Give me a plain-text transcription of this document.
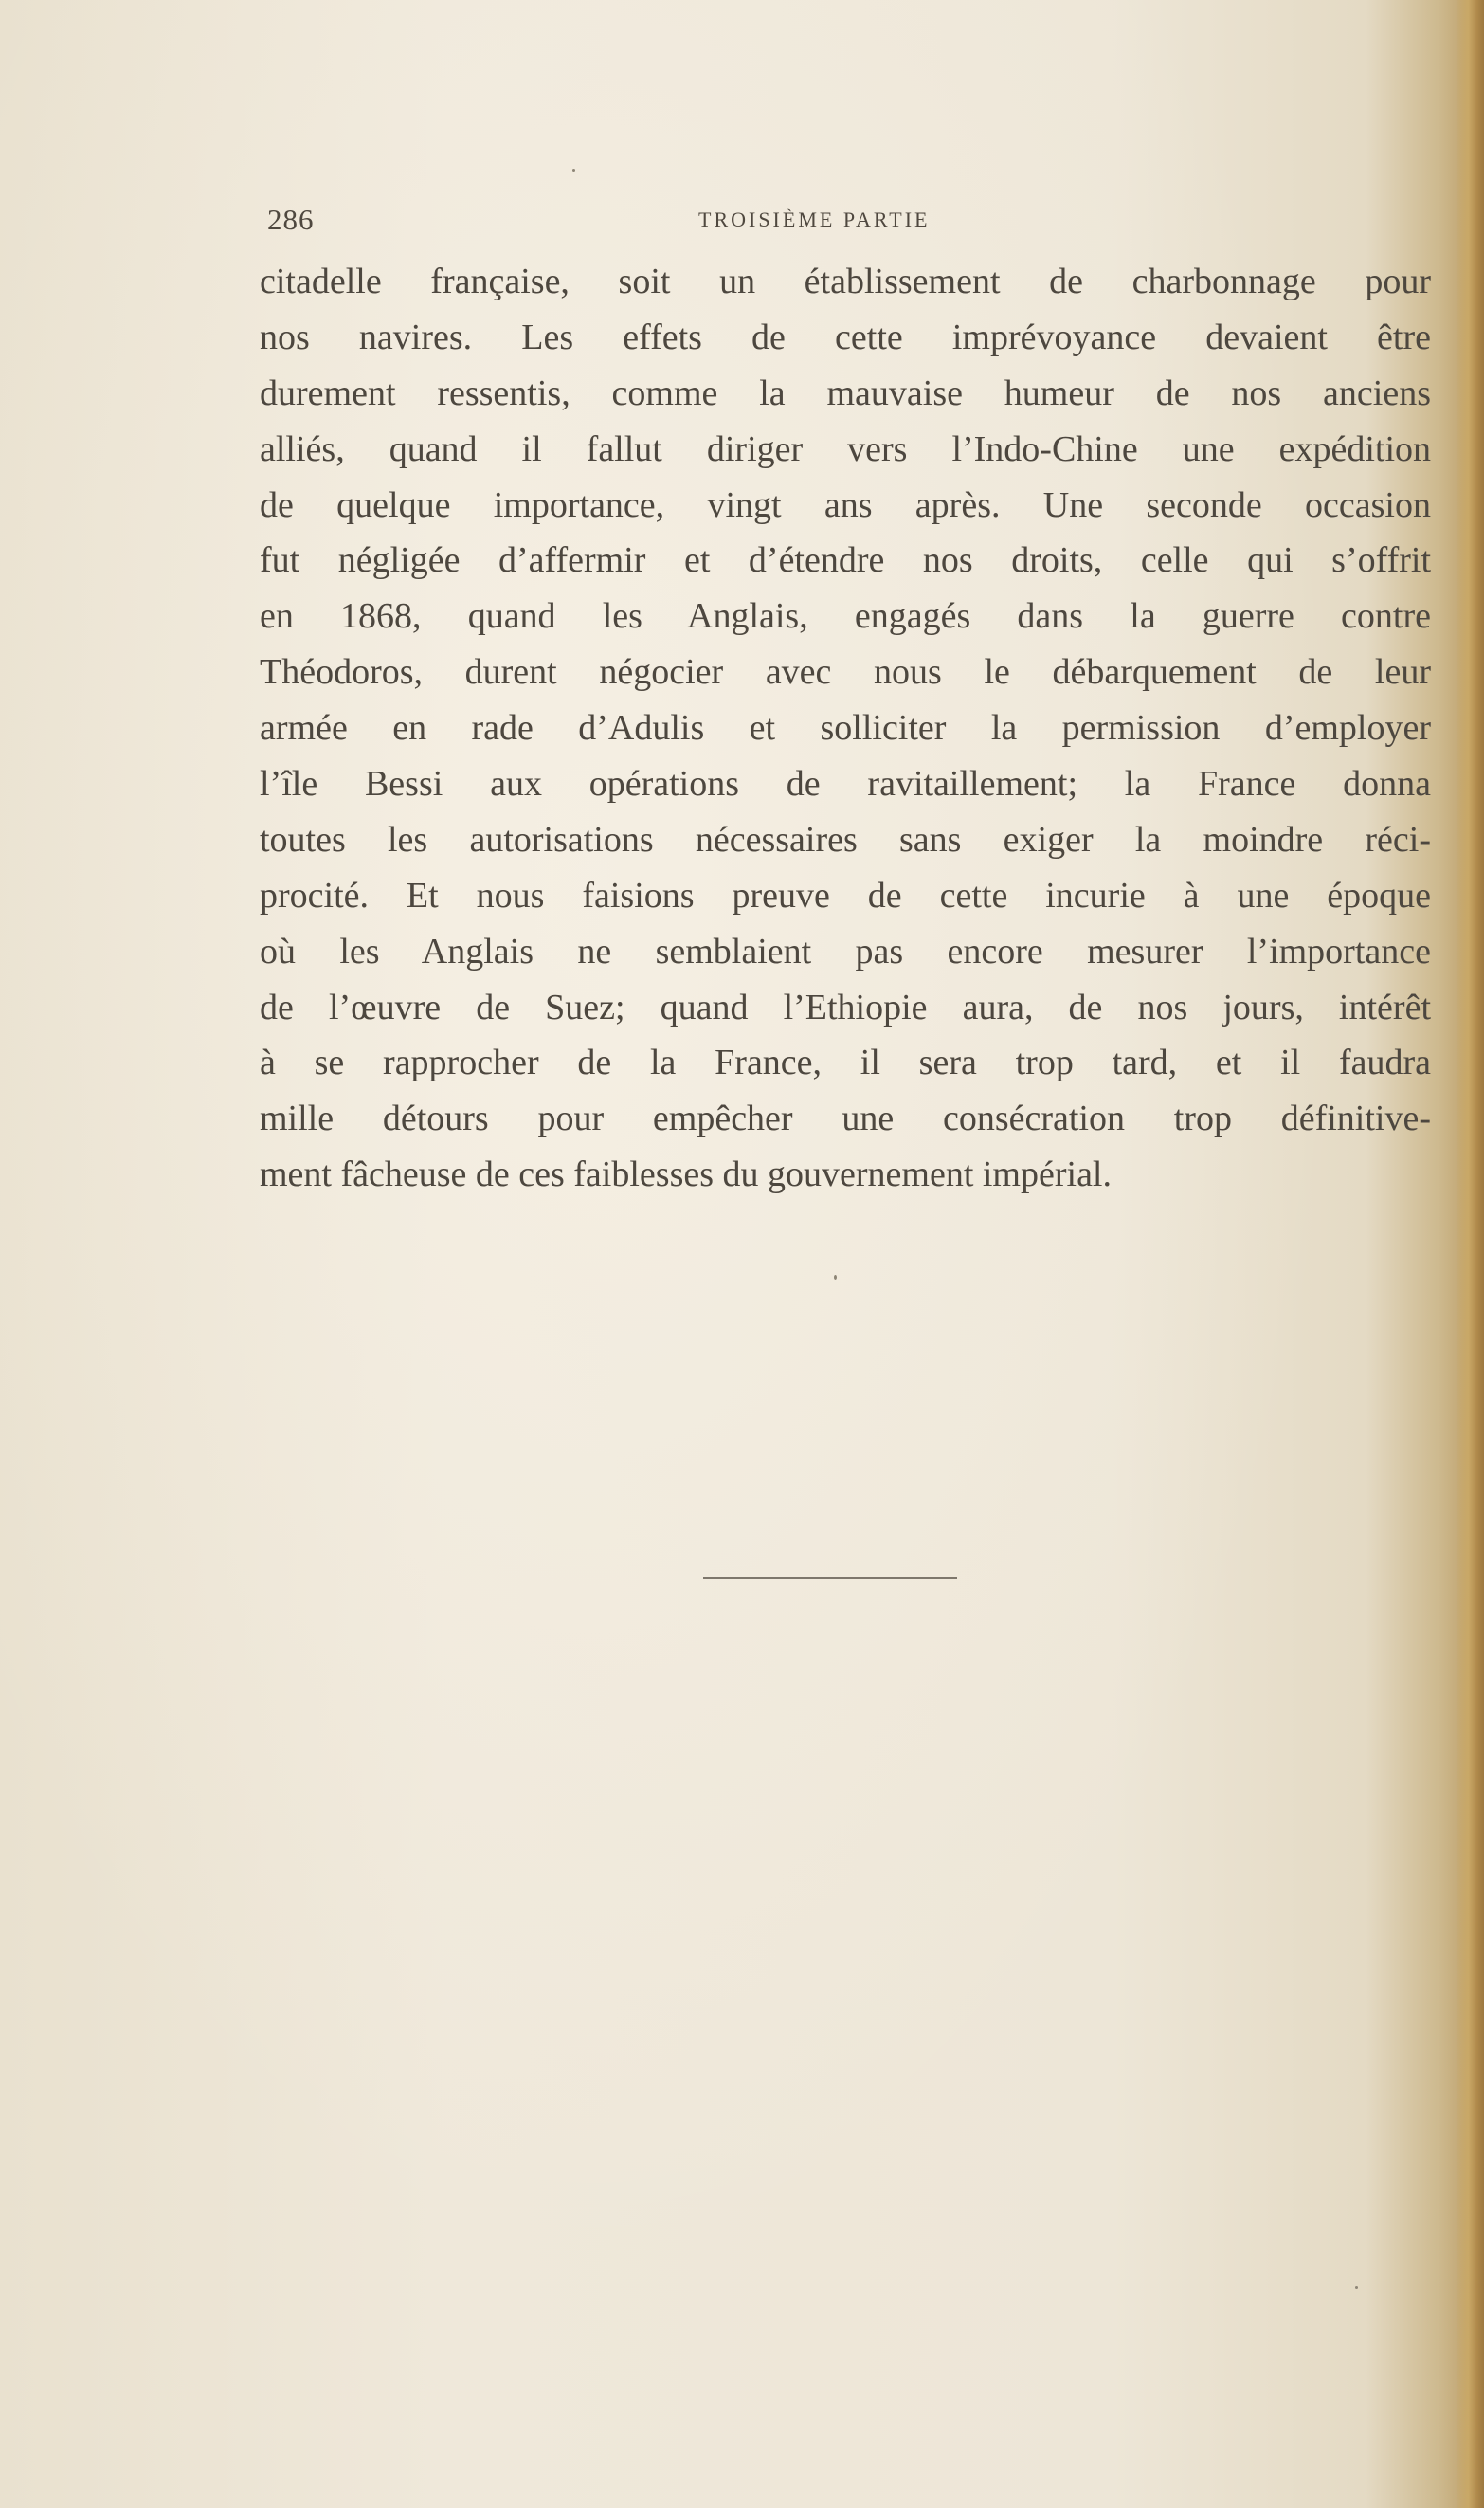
286	TROISIÈME PARTIE
citadelle française, soit un établissement de charbonnage pour
nos navires. Les effets de cette imprévoyance devaient être
durement ressentis, comme la mauvaise humeur de nos anciens
alliés, quand il fallut diriger vers l’Indo-Chine une expédition
de quelque importance, vingt ans après. Une seconde occasion
fut négligée d’affermir et d’étendre nos droits, celle qui s’offrit
en 1868, quand les Anglais, engagés dans la guerre contre
Théodoros, durent négocier avec nous le débarquement de leur
armée en rade d’Adulis et solliciter la permission d’employer
l’île Bessi aux opérations de ravitaillement; la France donna
toutes les autorisations nécessaires sans exiger la moindre réci-
procité. Et nous faisions preuve de cette incurie à une époque
où les Anglais ne semblaient pas encore mesurer l’importance
de l’œuvre de Suez; quand l’Ethiopie aura, de nos jours, intérêt
à se rapprocher de la France, il sera trop tard, et il faudra
mille détours pour empêcher une consécration trop définitive-
ment fâcheuse de ces faiblesses du gouvernement impérial.
